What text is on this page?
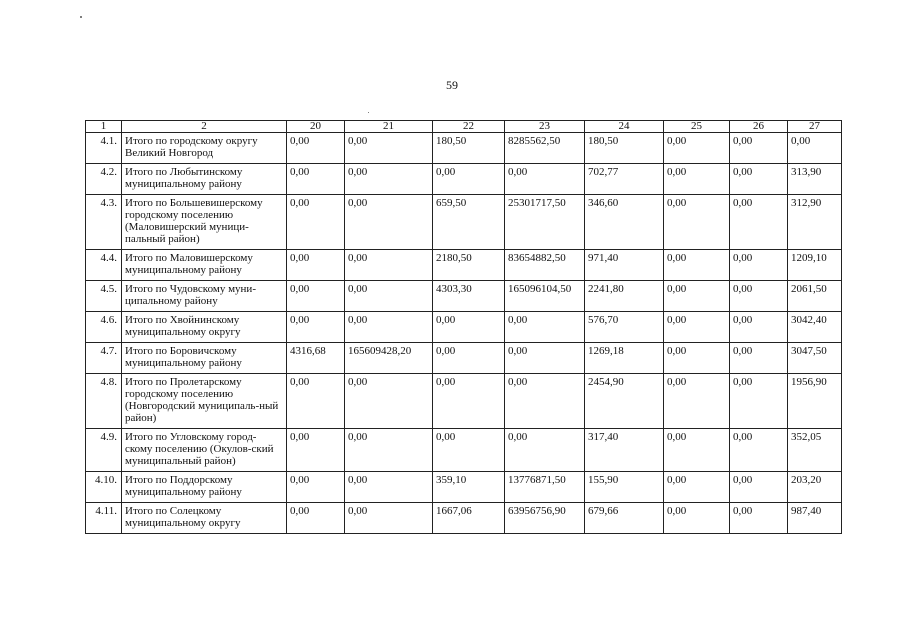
59
1	2	20	21	22	23	24	25	26	27
4.1.	Итого по городскому округу Великий Новгород	0,00	0,00	180,50	8285562,50	180,50	0,00	0,00	0,00
4.2.	Итого по Любытинскому муниципальному району	0,00	0,00	0,00	0,00	702,77	0,00	0,00	313,90
4.3.	Итого по Большевишерскому городскому поселению (Маловишерский муници-пальный район)	0,00	0,00	659,50	25301717,50	346,60	0,00	0,00	312,90
4.4.	Итого по Маловишерскому муниципальному району	0,00	0,00	2180,50	83654882,50	971,40	0,00	0,00	1209,10
4.5.	Итого по Чудовскому муни-ципальному району	0,00	0,00	4303,30	165096104,50	2241,80	0,00	0,00	2061,50
4.6.	Итого по Хвойнинскому муниципальному округу	0,00	0,00	0,00	0,00	576,70	0,00	0,00	3042,40
4.7.	Итого по Боровичскому муниципальному району	4316,68	165609428,20	0,00	0,00	1269,18	0,00	0,00	3047,50
4.8.	Итого по Пролетарскому городскому поселению (Новгородский муниципаль-ный район)	0,00	0,00	0,00	0,00	2454,90	0,00	0,00	1956,90
4.9.	Итого по Угловскому город-скому поселению (Окулов-ский муниципальный район)	0,00	0,00	0,00	0,00	317,40	0,00	0,00	352,05
4.10.	Итого по Поддорскому муниципальному району	0,00	0,00	359,10	13776871,50	155,90	0,00	0,00	203,20
4.11.	Итого по Солецкому муниципальному округу	0,00	0,00	1667,06	63956756,90	679,66	0,00	0,00	987,40
